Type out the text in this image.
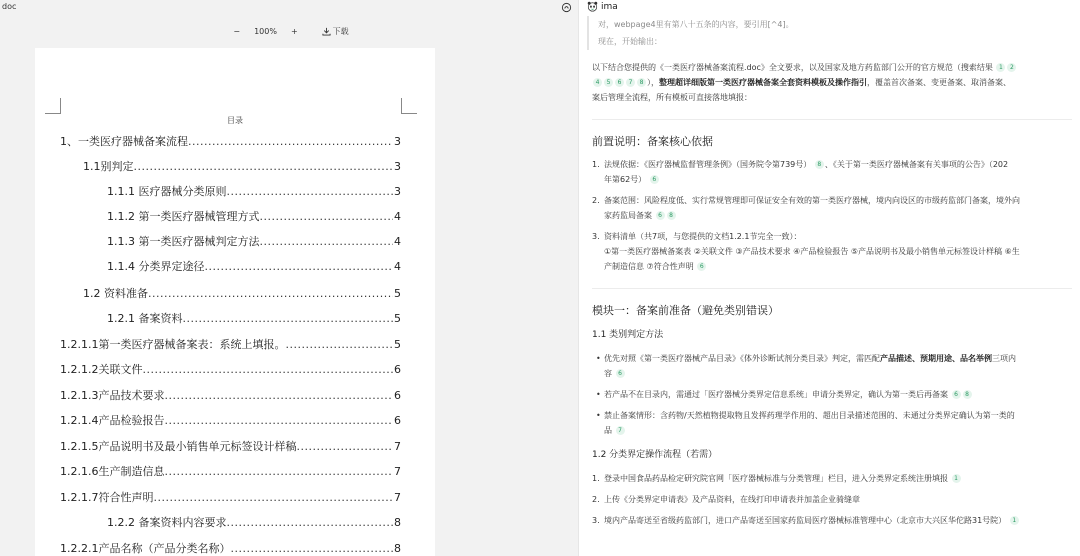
doc
−	100%	+	下载
目录
1、一类医疗器械备案流程 .....	3
1.1别判定 .....	3
1.1.1 医疗器械分类原则 .....	3
1.1.2 第一类医疗器械管理方式 .....	4
1.1.3 第一类医疗器械判定方法 .....	4
1.1.4 分类界定途径 .....	4
1.2 资料准备 .....	5
1.2.1 备案资料 .....	5
1.2.1.1第一类医疗器械备案表：系统上填报。 .....	5
1.2.1.2关联文件 .....	6
1.2.1.3产品技术要求 .....	6
1.2.1.4产品检验报告 .....	6
1.2.1.5产品说明书及最小销售单元标签设计样稿 .....	7
1.2.1.6生产制造信息 .....	7
1.2.1.7符合性声明 .....	7
1.2.2 备案资料内容要求 .....	8
1.2.2.1产品名称（产品分类名称） .....	8
ima
对，webpage4里有第八十五条的内容，要引用[^4]。
现在，开始输出：
以下结合您提供的《一类医疗器械备案流程.doc》全文要求，以及国家及地方药监部门公开的官方规范（搜索结果 1 2
4 5 6 7 8 ），整理超详细版第一类医疗器械备案全套资料模板及操作指引，覆盖首次备案、变更备案、取消备案、
案后管理全流程，所有模板可直接落地填报：
前置说明：备案核心依据
1. 法规依据：《医疗器械监督管理条例》（国务院令第739号） 8 、《关于第一类医疗器械备案有关事项的公告》（202
年第62号） 6
2. 备案范围：风险程度低、实行常规管理即可保证安全有效的第一类医疗器械，境内向设区的市级药监部门备案，境外向
家药监局备案 6 8
3. 资料清单（共7项，与您提供的文档1.2.1节完全一致）：
①第一类医疗器械备案表 ②关联文件 ③产品技术要求 ④产品检验报告 ⑤产品说明书及最小销售单元标签设计样稿 ⑥生
产制造信息 ⑦符合性声明 6
模块一：备案前准备（避免类别错误）
1.1 类别判定方法
• 优先对照《第一类医疗器械产品目录》《体外诊断试剂分类目录》判定，需匹配产品描述、预期用途、品名举例三项内
容 6
• 若产品不在目录内，需通过「医疗器械分类界定信息系统」申请分类界定，确认为第一类后再备案 6 8
• 禁止备案情形：含药物/天然植物提取物且发挥药理学作用的、超出目录描述范围的、未通过分类界定确认为第一类的
品 7
1.2 分类界定操作流程（若需）
1. 登录中国食品药品检定研究院官网「医疗器械标准与分类管理」栏目，进入分类界定系统注册填报 1
2. 上传《分类界定申请表》及产品资料，在线打印申请表并加盖企业骑缝章
3. 境内产品寄送至省级药监部门，进口产品寄送至国家药监局医疗器械标准管理中心（北京市大兴区华佗路31号院） 1
